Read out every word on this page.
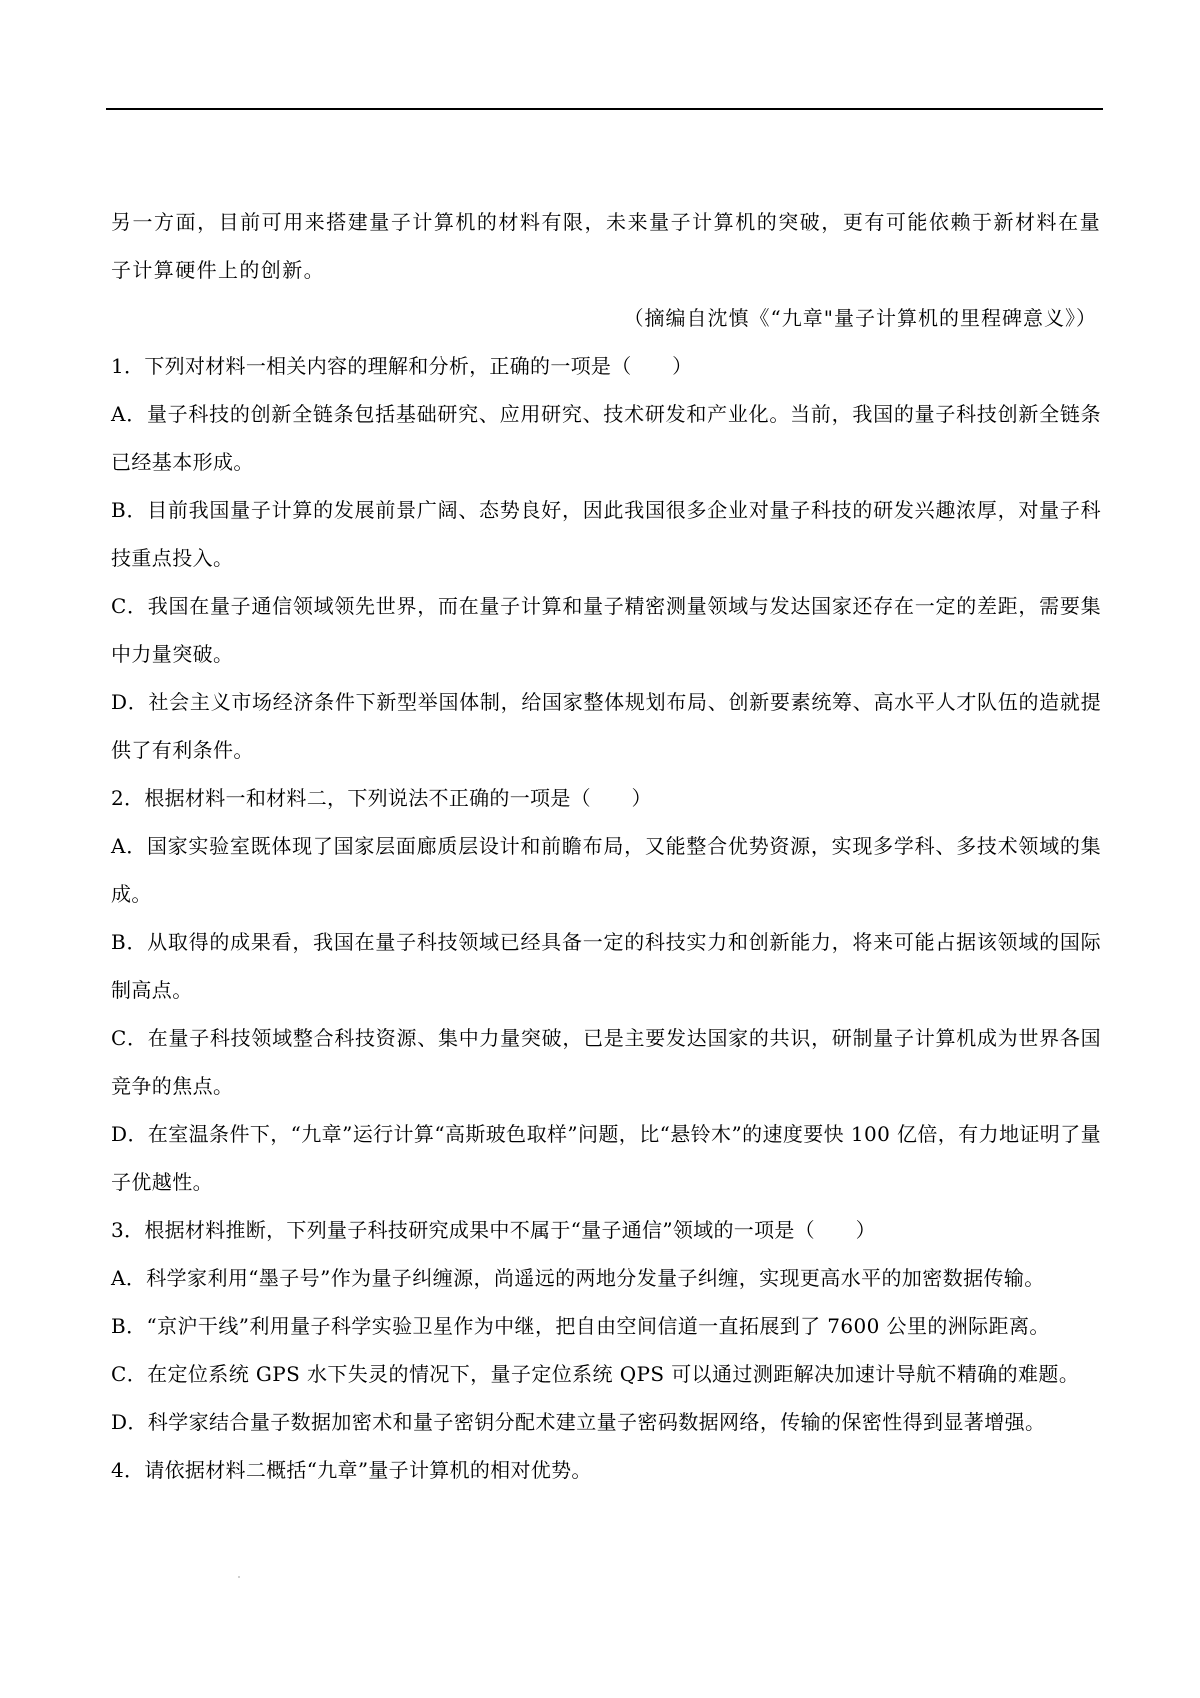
另一方面，目前可用来搭建量子计算机的材料有限，未来量子计算机的突破，更有可能依赖于新材料在量子计算硬件上的创新。

（摘编自沈慎《“九章"量子计算机的里程碑意义》）

1．下列对材料一相关内容的理解和分析，正确的一项是（　　）

A．量子科技的创新全链条包括基础研究、应用研究、技术研发和产业化。当前，我国的量子科技创新全链条已经基本形成。

B．目前我国量子计算的发展前景广阔、态势良好，因此我国很多企业对量子科技的研发兴趣浓厚，对量子科技重点投入。

C．我国在量子通信领域领先世界，而在量子计算和量子精密测量领域与发达国家还存在一定的差距，需要集中力量突破。

D．社会主义市场经济条件下新型举国体制，给国家整体规划布局、创新要素统筹、高水平人才队伍的造就提供了有利条件。

2．根据材料一和材料二，下列说法不正确的一项是（　　）

A．国家实验室既体现了国家层面廊质层设计和前瞻布局，又能整合优势资源，实现多学科、多技术领域的集成。

B．从取得的成果看，我国在量子科技领域已经具备一定的科技实力和创新能力，将来可能占据该领域的国际制高点。

C．在量子科技领域整合科技资源、集中力量突破，已是主要发达国家的共识，研制量子计算机成为世界各国竞争的焦点。

D．在室温条件下，“九章”运行计算“高斯玻色取样”问题，比“悬铃木”的速度要快 100 亿倍，有力地证明了量子优越性。

3．根据材料推断，下列量子科技研究成果中不属于“量子通信”领域的一项是（　　）

A．科学家利用“墨子号”作为量子纠缠源，尚遥远的两地分发量子纠缠，实现更高水平的加密数据传输。

B．“京沪干线”利用量子科学实验卫星作为中继，把自由空间信道一直拓展到了 7600 公里的洲际距离。

C．在定位系统 GPS 水下失灵的情况下，量子定位系统 QPS 可以通过测距解决加速计导航不精确的难题。

D．科学家结合量子数据加密术和量子密钥分配术建立量子密码数据网络，传输的保密性得到显著增强。

4．请依据材料二概括“九章”量子计算机的相对优势。
